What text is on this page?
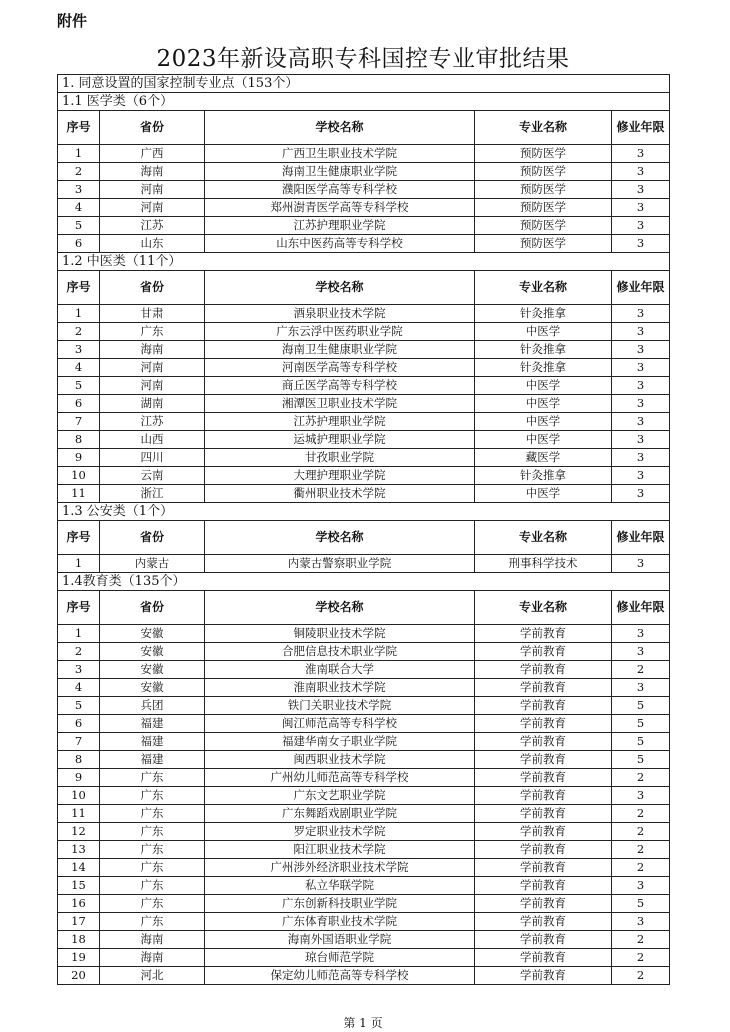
附件
2023年新设高职专科国控专业审批结果
1. 同意设置的国家控制专业点（153个）				
1.1 医学类（6个）				
序号	省份	学校名称	专业名称	修业年限
1	广西	广西卫生职业技术学院	预防医学	3
2	海南	海南卫生健康职业学院	预防医学	3
3	河南	濮阳医学高等专科学校	预防医学	3
4	河南	郑州澍青医学高等专科学校	预防医学	3
5	江苏	江苏护理职业学院	预防医学	3
6	山东	山东中医药高等专科学校	预防医学	3
1.2 中医类（11个）				
序号	省份	学校名称	专业名称	修业年限
1	甘肃	酒泉职业技术学院	针灸推拿	3
2	广东	广东云浮中医药职业学院	中医学	3
3	海南	海南卫生健康职业学院	针灸推拿	3
4	河南	河南医学高等专科学校	针灸推拿	3
5	河南	商丘医学高等专科学校	中医学	3
6	湖南	湘潭医卫职业技术学院	中医学	3
7	江苏	江苏护理职业学院	中医学	3
8	山西	运城护理职业学院	中医学	3
9	四川	甘孜职业学院	藏医学	3
10	云南	大理护理职业学院	针灸推拿	3
11	浙江	衢州职业技术学院	中医学	3
1.3 公安类（1个）				
序号	省份	学校名称	专业名称	修业年限
1	内蒙古	内蒙古警察职业学院	刑事科学技术	3
1.4教育类（135个）				
序号	省份	学校名称	专业名称	修业年限
1	安徽	铜陵职业技术学院	学前教育	3
2	安徽	合肥信息技术职业学院	学前教育	3
3	安徽	淮南联合大学	学前教育	2
4	安徽	淮南职业技术学院	学前教育	3
5	兵团	铁门关职业技术学院	学前教育	5
6	福建	闽江师范高等专科学校	学前教育	5
7	福建	福建华南女子职业学院	学前教育	5
8	福建	闽西职业技术学院	学前教育	5
9	广东	广州幼儿师范高等专科学校	学前教育	2
10	广东	广东文艺职业学院	学前教育	3
11	广东	广东舞蹈戏剧职业学院	学前教育	2
12	广东	罗定职业技术学院	学前教育	2
13	广东	阳江职业技术学院	学前教育	2
14	广东	广州涉外经济职业技术学院	学前教育	2
15	广东	私立华联学院	学前教育	3
16	广东	广东创新科技职业学院	学前教育	5
17	广东	广东体育职业技术学院	学前教育	3
18	海南	海南外国语职业学院	学前教育	2
19	海南	琼台师范学院	学前教育	2
20	河北	保定幼儿师范高等专科学校	学前教育	2
第 1 页
